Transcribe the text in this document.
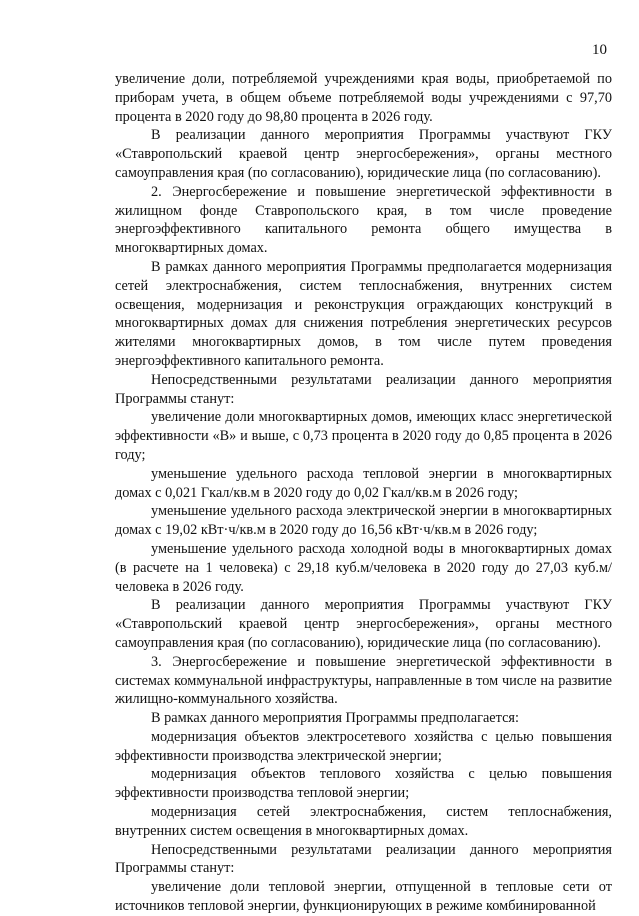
10

увеличение доли, потребляемой учреждениями края воды, приобретаемой по приборам учета, в общем объеме потребляемой воды учреждениями с 97,70 процента в 2020 году до 98,80 процента в 2026 году.

В реализации данного мероприятия Программы участвуют ГКУ «Ставропольский краевой центр энергосбережения», органы местного самоуправления края (по согласованию), юридические лица (по согласованию).

2. Энергосбережение и повышение энергетической эффективности в жилищном фонде Ставропольского края, в том числе проведение энергоэффективного капитального ремонта общего имущества в многоквартирных домах.

В рамках данного мероприятия Программы предполагается модернизация сетей электроснабжения, систем теплоснабжения, внутренних систем освещения, модернизация и реконструкция ограждающих конструкций в многоквартирных домах для снижения потребления энергетических ресурсов жителями многоквартирных домов, в том числе путем проведения энергоэффективного капитального ремонта.

Непосредственными результатами реализации данного мероприятия Программы станут:

увеличение доли многоквартирных домов, имеющих класс энергетической эффективности «В» и выше, с 0,73 процента в 2020 году до 0,85 процента в 2026 году;

уменьшение удельного расхода тепловой энергии в многоквартирных домах с 0,021 Гкал/кв.м в 2020 году до 0,02 Гкал/кв.м в 2026 году;

уменьшение удельного расхода электрической энергии в многоквартирных домах с 19,02 кВт·ч/кв.м в 2020 году до 16,56 кВт·ч/кв.м в 2026 году;

уменьшение удельного расхода холодной воды в многоквартирных домах (в расчете на 1 человека) с 29,18 куб.м/человека в 2020 году до 27,03 куб.м/человека в 2026 году.

В реализации данного мероприятия Программы участвуют ГКУ «Ставропольский краевой центр энергосбережения», органы местного самоуправления края (по согласованию), юридические лица (по согласованию).

3. Энергосбережение и повышение энергетической эффективности в системах коммунальной инфраструктуры, направленные в том числе на развитие жилищно-коммунального хозяйства.

В рамках данного мероприятия Программы предполагается:

модернизация объектов электросетевого хозяйства с целью повышения эффективности производства электрической энергии;

модернизация объектов теплового хозяйства с целью повышения эффективности производства тепловой энергии;

модернизация сетей электроснабжения, систем теплоснабжения, внутренних систем освещения в многоквартирных домах.

Непосредственными результатами реализации данного мероприятия Программы станут:

увеличение доли тепловой энергии, отпущенной в тепловые сети от источников тепловой энергии, функционирующих в режиме комбинированной
